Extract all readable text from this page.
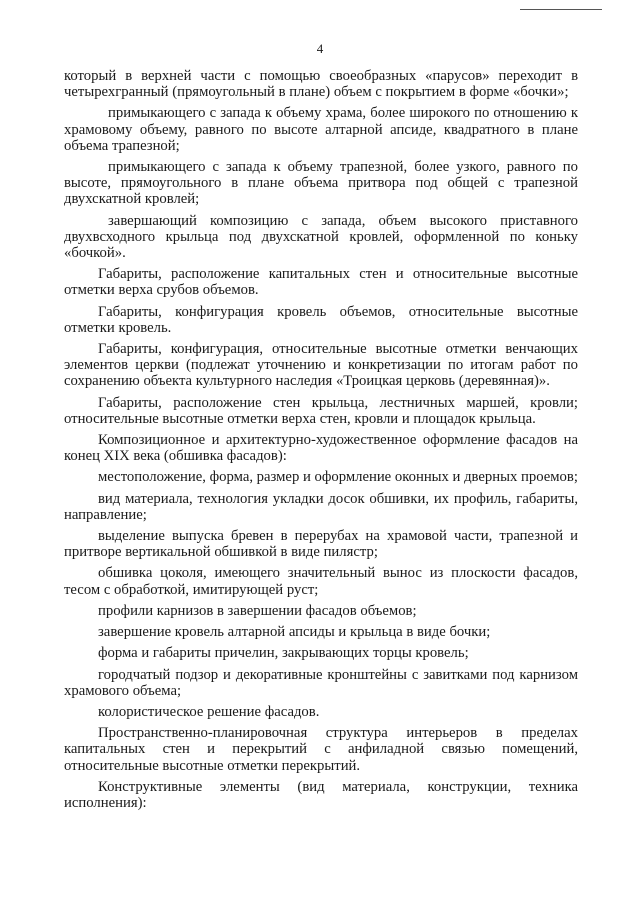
4

который в верхней части с помощью своеобразных «парусов» переходит в четырехгранный (прямоугольный в плане) объем с покрытием в форме «бочки»;

примыкающего с запада к объему храма, более широкого по отношению к храмовому объему, равного по высоте алтарной апсиде, квадратного в плане объема трапезной;

примыкающего с запада к объему трапезной, более узкого, равного по высоте, прямоугольного в плане объема притвора под общей с трапезной двухскатной кровлей;

завершающий композицию с запада, объем высокого приставного двухвсходного крыльца под двухскатной кровлей, оформленной по коньку «бочкой».

Габариты, расположение капитальных стен и относительные высотные отметки верха срубов объемов.

Габариты, конфигурация кровель объемов, относительные высотные отметки кровель.

Габариты, конфигурация, относительные высотные отметки венчающих элементов церкви (подлежат уточнению и конкретизации по итогам работ по сохранению объекта культурного наследия «Троицкая церковь (деревянная)».

Габариты, расположение стен крыльца, лестничных маршей, кровли; относительные высотные отметки верха стен, кровли и площадок крыльца.

Композиционное и архитектурно-художественное оформление фасадов на конец XIX века (обшивка фасадов):

местоположение, форма, размер и оформление оконных и дверных проемов;

вид материала, технология укладки досок обшивки, их профиль, габариты, направление;

выделение выпуска бревен в перерубах на храмовой части, трапезной и притворе вертикальной обшивкой в виде пилястр;

обшивка цоколя, имеющего значительный вынос из плоскости фасадов, тесом с обработкой, имитирующей руст;

профили карнизов в завершении фасадов объемов;

завершение кровель алтарной апсиды и крыльца в виде бочки;

форма и габариты причелин, закрывающих торцы кровель;

городчатый подзор и декоративные кронштейны с завитками под карнизом храмового объема;

колористическое решение фасадов.

Пространственно-планировочная структура интерьеров в пределах капитальных стен и перекрытий с анфиладной связью помещений, относительные высотные отметки перекрытий.

Конструктивные элементы (вид материала, конструкции, техника исполнения):
